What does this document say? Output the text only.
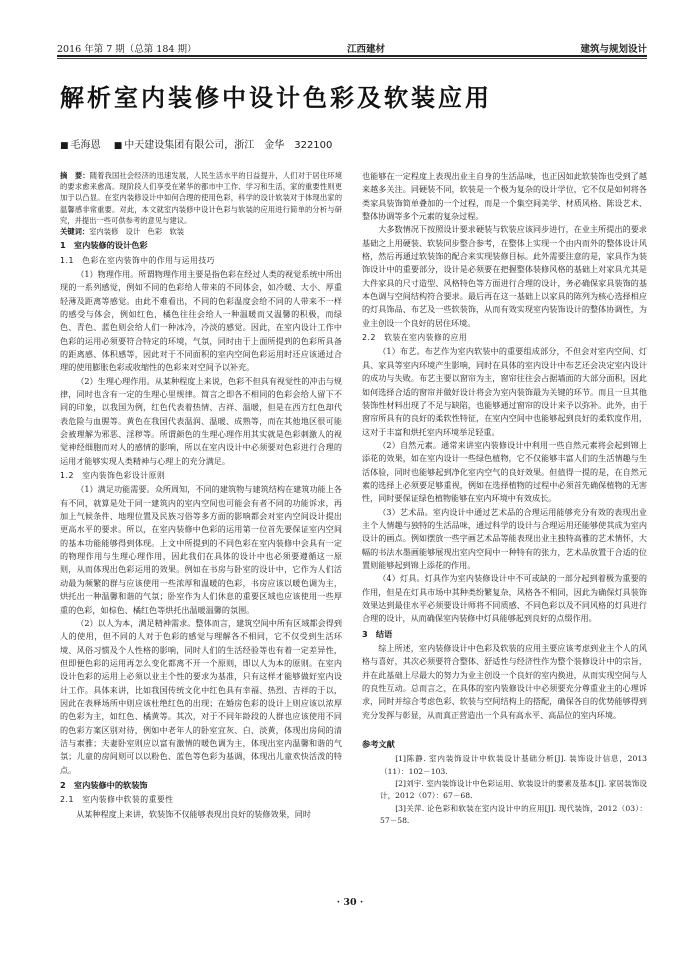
2016 年第 7 期（总第 184 期）	江西建材	建筑与规划设计
解析室内装修中设计色彩及软装应用
■ 毛海恩 ■ 中天建设集团有限公司，浙江　金华　322100

摘　要：随着我国社会经济的迅速发展，人民生活水平的日益提升，人们对于居住环境的要求愈来愈高。现阶段人们享受在紧华的都市中工作、学习和生活，家的重要性则更加于以凸显。在室内装修设计中如何合理的使用色彩，科学的设计软装对于体现出家的温馨感非常重要。对此，本文就室内装修中设计色彩与软装的应用进行简单的分析与研究，并提出一些可供参考的意见与建议。

关键词：室内装修　设计　色彩　软装

1　室内装修的设计色彩
1.1　色彩在室内装饰中的作用与运用技巧

（1）物理作用。所谓物理作用主要是指色彩在经过人类的视觉系统中所出现的一系列感觉，例如不同的色彩给人带来的不同体会，如冷暖、大小、厚重轻薄及距离等感觉。由此不难看出，不同的色彩温度会给不同的人带来不一样的感受与体会，例如红色，橘色往往会给人一种温暖而又温馨的积极，而绿色、青色、蓝色则会给人们一种冰冷，冷淡的感觉。因此，在室内设计工作中色彩的运用必须要符合特定的环境，气氛，同时由于上面所提到的色彩所具备的距离感、体积感等，因此对于不同面积的室内空间色彩运用时还应该通过合理的使用膨胀色彩或收缩性的色彩来对空间予以补充。

（2）生理心理作用。从某种程度上来说，色彩不但具有视觉性的冲击与规律，同时也含有一定的生理心里规律。简言之即各不相同的色彩会给人留下不同的印象，以我国为例，红色代表着热情、吉祥、温暖，但是在西方红色却代表危险与血腥等。黄色在我国代表温润、温暖、成熟等，而在其他地区很可能会被理解为邪恶、淫秽等。所谓颜色的生理心理作用其实就是色彩刺激人的视觉神经细胞而对人的感情的影响，所以在室内设计中必须要对色彩进行合理的运用才能够实现人类精神与心理上的充分满足。

1.2　室内装饰色彩设计原则

（1）满足功能需要。众所周知，不同的建筑物与建筑结构在建筑功能上各有不同，就算是处于同一建筑内的室内空间也可能会有者不同的功能诉求，再加上气候条件、地理位置及民族习俗等多方面的影响都会对室内空间设计提出更高水平的要求。所以，在室内装修中色彩的运用第一位首先要保证室内空间的基本功能能够得到体现。上文中所提到的不同色彩在室内装修中会具有一定的物理作用与生理心理作用，因此我们在具体的设计中也必须要遵循这一原则，从而体现出色彩运用的效果。例如在书房与卧室的设计中，它作为人们活动最为频繁的群与应该使用一些浓厚和温暖的色彩，书房应该以暖色调为主，烘托出一种温馨和谐的气氛；卧室作为人们休息的重要区域也应该使用一些厚重的色彩，如棕色、橘红色等烘托出温暖温馨的氛围。

（2）以人为本，满足精神需求。整体而言，建筑空间中所有区域都会得到人的使用，但不同的人对于色彩的感觉与理解各不相同，它不仅受到生活环境、风俗习惯及个人性格的影响，同时人们的生活经验等也有着一定差异性，但即便色彩的运用再怎么变化都离不开一个原则，即以人为本的原则。在室内设计色彩的运用上必须以业主个性的要求为基准，只有这样才能够做好室内设计工作。具体来讲，比如我国传统文化中红色具有幸福、热烈、吉祥的于以，因此在表释场所中则应该杜绝红色的出现；在婚房色彩的设计上则应该以浓厚的色彩为主，如红色、橘黄等。其次，对于不同年龄段的人群也应该使用不同的色彩方案区别对待，例如中老年人的卧室宜灰、白、淡黄，体现出房间的清洁与素雅；夫妻卧室则应以富有激情的暖色调为主，体现出室内温馨和谐的气氛；儿童的房间则可以以粉色、蓝色等色彩为基调，体现出儿童欢快活泼的特点。

2　室内装修中的软装饰
2.1　室内装修中软装的重要性

从某种程度上来讲，软装饰不仅能够表现出良好的装修效果，同时

也能够在一定程度上表现出业主自身的生活品味，也正因如此软装饰也受到了越来越多关注。同硬装不同，软装是一个极为复杂的设计学位，它不仅是如何将各类家具装饰简单叠加的一个过程，而是一个集空间美学、材质风格、陈设艺术、整体协调等多个元素的复杂过程。

大多数情况下按照设计要求硬装与软装应该同步进行，在业主所提出的要求基础之上用硬装、软装同步整合参考，在整体上实现一个由内而外的整体设计风格，然后再通过软装饰的配合来实现装修目标。此外需要注意的是，家具作为装饰设计中的重要部分，设计是必须要在把握整体装修风格的基础上对家具尤其是大件家具的尺寸造型、风格特色等方面进行合理的设计，务必确保家具装饰的基本色调与空间结构符合要求。最后再在这一基础上以家具的陈列为核心选择相应的灯具饰品、布艺及一些软装饰，从而有效实现室内装饰设计的整体协调性，为业主创设一个良好的居住环境。

2.2　软装在室内装修的应用

（1）布艺。布艺作为室内软装中的重要组成部分，不但会对室内空间、灯具、家具等室内环境产生影响，同时在具体的室内设计中布艺还会决定室内设计的成功与失败。布艺主要以窗帘为主，窗帘往往会占据墙面的大部分面积，因此如何选择合适的窗帘并做好设计将会为室内装饰最为关键的环节。而且一旦其他装饰性材料出现了不足与缺陷，也能够通过窗帘的设计来予以弥补。此外，由于窗帘所具有的良好的柔软性特征，在室内空间中也能够起到良好的柔软度作用，这对于丰富和烘托室内环境举足轻重。

（2）自然元素。通常来讲室内装修设计中利用一些自然元素将会起到锦上添花的效果，如在室内设计一些绿色植物，它不仅能够丰富人们的生活情趣与生活体验，同时也能够起到净化室内空气的良好效果。但值得一提的是，在自然元素的选择上必须要足够重视，例如在选择植物的过程中必须首先确保植物的无害性，同时要保证绿色植物能够在室内环境中有效成长。

（3）艺术品。室内设计中通过艺术品的合理运用能够充分有效的表现出业主个人情趣与独特的生活品味，通过科学的设计与合理运用还能够使其成为室内设计的画点。例如摆放一些字画艺术品等能表现出业主独特高雅的艺术情怀，大幅的书法水墨画能够展现出室内空间中一种特有的张力，艺术品放置于合适的位置则能够起到锦上添花的作用。

（4）灯具。灯具作为室内装修设计中不可或缺的一部分起到着极为重要的作用，但是在灯具市场中其种类纷繁复杂，风格各不相同，因此为确保灯具装饰效果达到最佳水平必须要设计师将不同质感、不同色彩以及不同风格的灯具进行合理的设计，从而确保室内装修中灯具能够起到良好的点缀作用。

3　结语

综上所述，室内装修设计中色彩及软装的应用主要应该考虑到业主个人的风格与喜好，其次必须要符合整体、舒适性与经济性作为整个装修设计中的宗旨，并在此基础上尽最大的努力为业主创设一个良好的室内换进，从而实现空间与人的良性互动。总而言之，在具体的室内装修设计中必须要充分尊重业主的心理诉求，同时并综合考虑色彩、软装与空间结构上的搭配，确保各自的优势能够得到充分发挥与彰显，从而真正营造出一个具有高水平、高品位的室内环境。

参考文献

[1]陈静. 室内装饰设计中软装设计基础分析[J]. 装饰设计信息，2013（11）：102－103.

[2]刘宇. 室内装饰设计中色彩运用、软装设计的要素及基本[J]. 家居装饰设计，2012（07）：67－68.

[3]关萍. 论色彩和软装在室内设计中的应用[J]. 现代装饰，2012（03）：57－58.

· 30 ·
